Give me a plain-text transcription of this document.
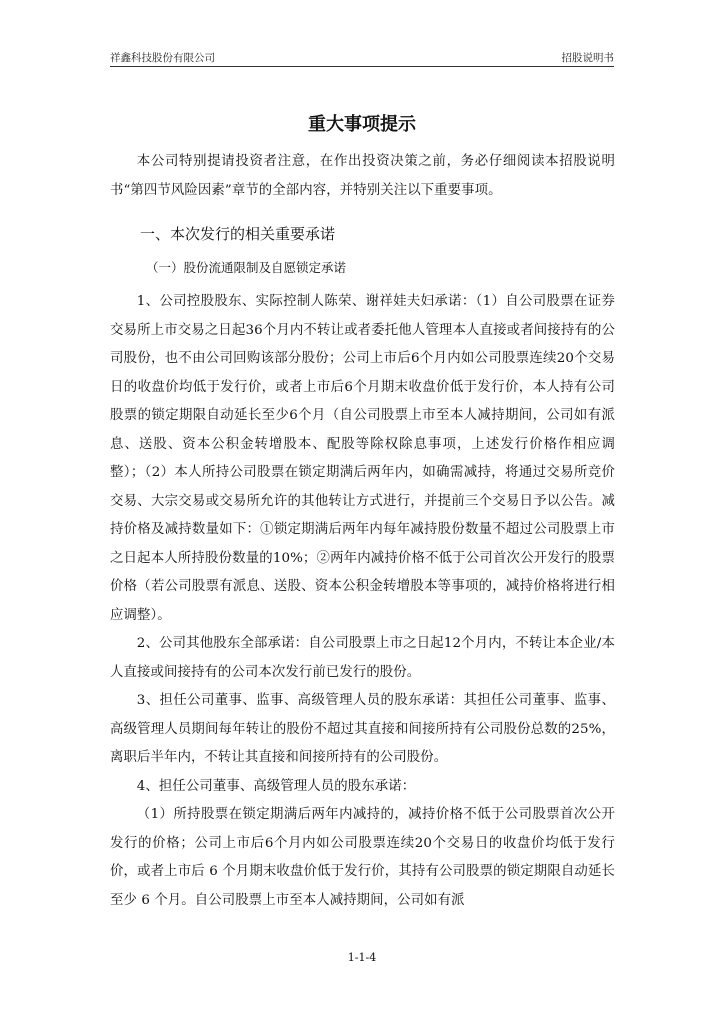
祥鑫科技股份有限公司	招股说明书
重大事项提示

本公司特别提请投资者注意，在作出投资决策之前，务必仔细阅读本招股说明书“第四节风险因素”章节的全部内容，并特别关注以下重要事项。

一、本次发行的相关重要承诺
（一）股份流通限制及自愿锁定承诺

1、公司控股股东、实际控制人陈荣、谢祥娃夫妇承诺：（1）自公司股票在证券交易所上市交易之日起36个月内不转让或者委托他人管理本人直接或者间接持有的公司股份，也不由公司回购该部分股份；公司上市后6个月内如公司股票连续20个交易日的收盘价均低于发行价，或者上市后6个月期末收盘价低于发行价，本人持有公司股票的锁定期限自动延长至少6个月（自公司股票上市至本人减持期间，公司如有派息、送股、资本公积金转增股本、配股等除权除息事项，上述发行价格作相应调整）；（2）本人所持公司股票在锁定期满后两年内，如确需减持，将通过交易所竞价交易、大宗交易或交易所允许的其他转让方式进行，并提前三个交易日予以公告。减持价格及减持数量如下：①锁定期满后两年内每年减持股份数量不超过公司股票上市之日起本人所持股份数量的10%；②两年内减持价格不低于公司首次公开发行的股票价格（若公司股票有派息、送股、资本公积金转增股本等事项的，减持价格将进行相应调整）。

2、公司其他股东全部承诺：自公司股票上市之日起12个月内，不转让本企业/本人直接或间接持有的公司本次发行前已发行的股份。

3、担任公司董事、监事、高级管理人员的股东承诺：其担任公司董事、监事、高级管理人员期间每年转让的股份不超过其直接和间接所持有公司股份总数的25%，离职后半年内，不转让其直接和间接所持有的公司股份。

4、担任公司董事、高级管理人员的股东承诺：

（1）所持股票在锁定期满后两年内减持的，减持价格不低于公司股票首次公开发行的价格；公司上市后6个月内如公司股票连续20个交易日的收盘价均低于发行价，或者上市后 6 个月期末收盘价低于发行价，其持有公司股票的锁定期限自动延长至少 6 个月。自公司股票上市至本人减持期间，公司如有派

1-1-4
